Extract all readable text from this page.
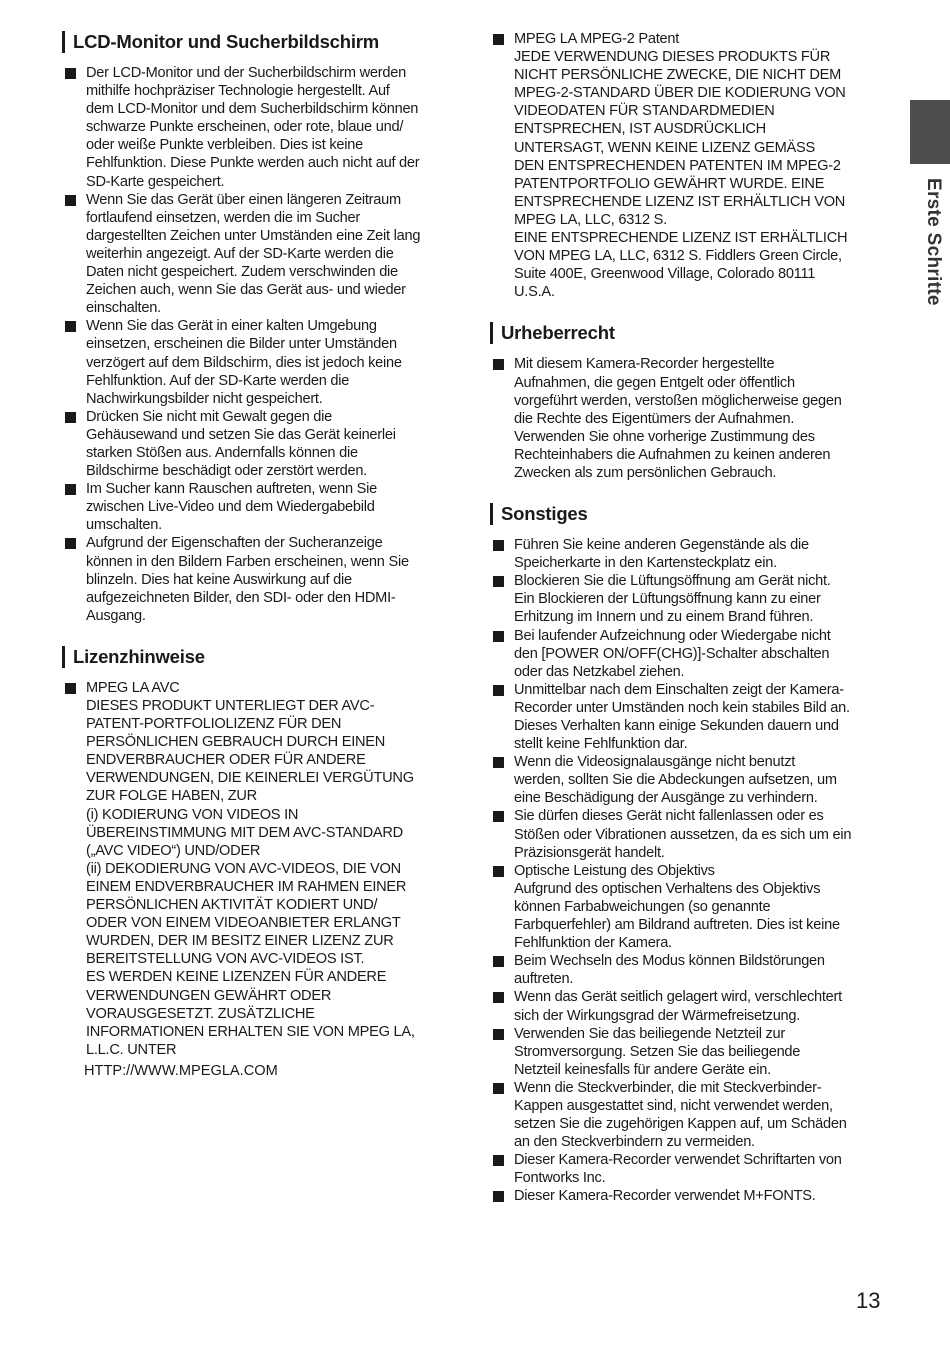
LCD-Monitor und Sucherbildschirm
Der LCD-Monitor und der Sucherbildschirm werden
mithilfe hochpräziser Technologie hergestellt. Auf
dem LCD-Monitor und dem Sucherbildschirm können
schwarze Punkte erscheinen, oder rote, blaue und/
oder weiße Punkte verbleiben. Dies ist keine
Fehlfunktion. Diese Punkte werden auch nicht auf der
SD-Karte gespeichert.
Wenn Sie das Gerät über einen längeren Zeitraum
fortlaufend einsetzen, werden die im Sucher
dargestellten Zeichen unter Umständen eine Zeit lang
weiterhin angezeigt. Auf der SD-Karte werden die
Daten nicht gespeichert. Zudem verschwinden die
Zeichen auch, wenn Sie das Gerät aus- und wieder
einschalten.
Wenn Sie das Gerät in einer kalten Umgebung
einsetzen, erscheinen die Bilder unter Umständen
verzögert auf dem Bildschirm, dies ist jedoch keine
Fehlfunktion. Auf der SD-Karte werden die
Nachwirkungsbilder nicht gespeichert.
Drücken Sie nicht mit Gewalt gegen die
Gehäusewand und setzen Sie das Gerät keinerlei
starken Stößen aus. Andernfalls können die
Bildschirme beschädigt oder zerstört werden.
Im Sucher kann Rauschen auftreten, wenn Sie
zwischen Live-Video und dem Wiedergabebild
umschalten.
Aufgrund der Eigenschaften der Sucheranzeige
können in den Bildern Farben erscheinen, wenn Sie
blinzeln. Dies hat keine Auswirkung auf die
aufgezeichneten Bilder, den SDI- oder den HDMI-
Ausgang.
Lizenzhinweise
MPEG LA AVC
DIESES PRODUKT UNTERLIEGT DER AVC-
PATENT-PORTFOLIOLIZENZ FÜR DEN
PERSÖNLICHEN GEBRAUCH DURCH EINEN
ENDVERBRAUCHER ODER FÜR ANDERE
VERWENDUNGEN, DIE KEINERLEI VERGÜTUNG
ZUR FOLGE HABEN, ZUR
(i) KODIERUNG VON VIDEOS IN
ÜBEREINSTIMMUNG MIT DEM AVC-STANDARD
(„AVC VIDEO“) UND/ODER
(ii) DEKODIERUNG VON AVC-VIDEOS, DIE VON
EINEM ENDVERBRAUCHER IM RAHMEN EINER
PERSÖNLICHEN AKTIVITÄT KODIERT UND/
ODER VON EINEM VIDEOANBIETER ERLANGT
WURDEN, DER IM BESITZ EINER LIZENZ ZUR
BEREITSTELLUNG VON AVC-VIDEOS IST.
ES WERDEN KEINE LIZENZEN FÜR ANDERE
VERWENDUNGEN GEWÄHRT ODER
VORAUSGESETZT. ZUSÄTZLICHE
INFORMATIONEN ERHALTEN SIE VON MPEG LA,
L.L.C. UNTER
HTTP://WWW.MPEGLA.COM
MPEG LA MPEG-2 Patent
JEDE VERWENDUNG DIESES PRODUKTS FÜR
NICHT PERSÖNLICHE ZWECKE, DIE NICHT DEM
MPEG-2-STANDARD ÜBER DIE KODIERUNG VON
VIDEODATEN FÜR STANDARDMEDIEN
ENTSPRECHEN, IST AUSDRÜCKLICH
UNTERSAGT, WENN KEINE LIZENZ GEMÄSS
DEN ENTSPRECHENDEN PATENTEN IM MPEG-2
PATENTPORTFOLIO GEWÄHRT WURDE. EINE
ENTSPRECHENDE LIZENZ IST ERHÄLTLICH VON
MPEG LA, LLC, 6312 S.
EINE ENTSPRECHENDE LIZENZ IST ERHÄLTLICH
VON MPEG LA, LLC, 6312 S. Fiddlers Green Circle,
Suite 400E, Greenwood Village, Colorado 80111
U.S.A.
Urheberrecht
Mit diesem Kamera-Recorder hergestellte
Aufnahmen, die gegen Entgelt oder öffentlich
vorgeführt werden, verstoßen möglicherweise gegen
die Rechte des Eigentümers der Aufnahmen.
Verwenden Sie ohne vorherige Zustimmung des
Rechteinhabers die Aufnahmen zu keinen anderen
Zwecken als zum persönlichen Gebrauch.
Sonstiges
Führen Sie keine anderen Gegenstände als die
Speicherkarte in den Kartensteckplatz ein.
Blockieren Sie die Lüftungsöffnung am Gerät nicht.
Ein Blockieren der Lüftungsöffnung kann zu einer
Erhitzung im Innern und zu einem Brand führen.
Bei laufender Aufzeichnung oder Wiedergabe nicht
den [POWER ON/OFF(CHG)]-Schalter abschalten
oder das Netzkabel ziehen.
Unmittelbar nach dem Einschalten zeigt der Kamera-
Recorder unter Umständen noch kein stabiles Bild an.
Dieses Verhalten kann einige Sekunden dauern und
stellt keine Fehlfunktion dar.
Wenn die Videosignalausgänge nicht benutzt
werden, sollten Sie die Abdeckungen aufsetzen, um
eine Beschädigung der Ausgänge zu verhindern.
Sie dürfen dieses Gerät nicht fallenlassen oder es
Stößen oder Vibrationen aussetzen, da es sich um ein
Präzisionsgerät handelt.
Optische Leistung des Objektivs
Aufgrund des optischen Verhaltens des Objektivs
können Farbabweichungen (so genannte
Farbquerfehler) am Bildrand auftreten. Dies ist keine
Fehlfunktion der Kamera.
Beim Wechseln des Modus können Bildstörungen
auftreten.
Wenn das Gerät seitlich gelagert wird, verschlechtert
sich der Wirkungsgrad der Wärmefreisetzung.
Verwenden Sie das beiliegende Netzteil zur
Stromversorgung. Setzen Sie das beiliegende
Netzteil keinesfalls für andere Geräte ein.
Wenn die Steckverbinder, die mit Steckverbinder-
Kappen ausgestattet sind, nicht verwendet werden,
setzen Sie die zugehörigen Kappen auf, um Schäden
an den Steckverbindern zu vermeiden.
Dieser Kamera-Recorder verwendet Schriftarten von
Fontworks Inc.
Dieser Kamera-Recorder verwendet M+FONTS.
Erste Schritte
13
